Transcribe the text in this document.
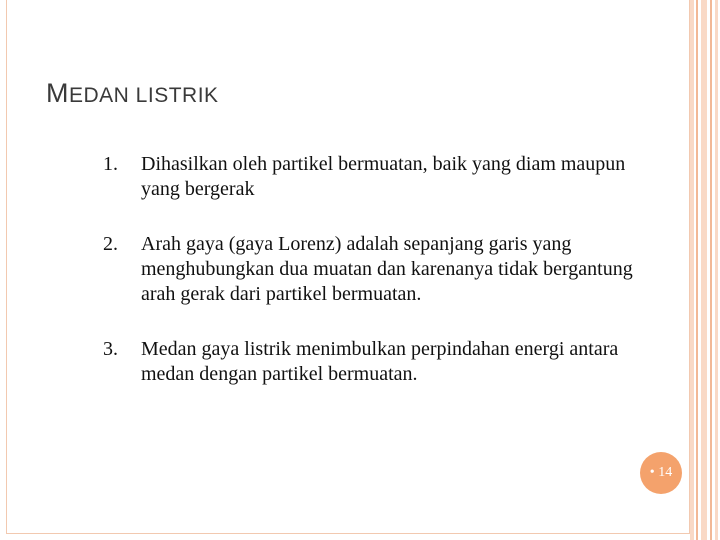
MEDAN LISTRIK
1. Dihasilkan oleh partikel bermuatan, baik yang diam maupun yang bergerak
2. Arah gaya (gaya Lorenz) adalah sepanjang garis yang menghubungkan dua muatan dan karenanya tidak bergantung arah gerak dari partikel bermuatan.
3. Medan gaya listrik menimbulkan perpindahan energi antara medan dengan partikel bermuatan.
• 14
